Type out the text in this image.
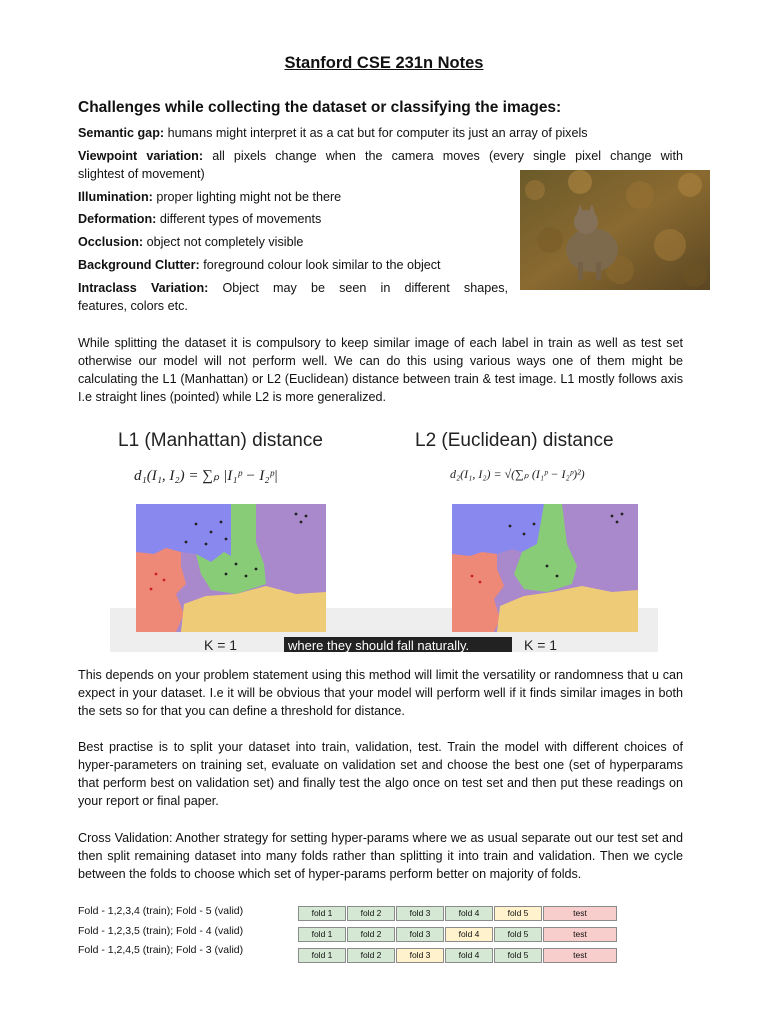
Stanford CSE 231n Notes
Challenges while collecting the dataset or classifying the images:
Semantic gap: humans might interpret it as a cat but for computer its just an array of pixels
Viewpoint variation: all pixels change when the camera moves (every single pixel change with
slightest of movement)
Illumination: proper lighting might not be there
Deformation: different types of movements
Occlusion: object not completely visible
Background Clutter: foreground colour look similar to the object
Intraclass Variation: Object may be seen in different shapes,
features, colors etc.
While splitting the dataset it is compulsory to keep similar image of each label in train as well as test set otherwise our model will not perform well. We can do this using various ways one of them might be calculating the L1 (Manhattan) or L2 (Euclidean) distance between train & test image. L1 mostly follows axis I.e straight lines (pointed) while L2 is more generalized.
L1 (Manhattan) distance	L2 (Euclidean) distance
d₁(I₁, I₂) = ∑ₚ |I₁ᵖ − I₂ᵖ|	d₂(I₁, I₂) = √(∑ₚ (I₁ᵖ − I₂ᵖ)²)
K = 1	where they should fall naturally.	K = 1
This depends on your problem statement using this method will limit the versatility or randomness that u can expect in your dataset. I.e it will be obvious that your model will perform well if it finds similar images in both the sets so for that you can define a threshold for distance.
Best practise is to split your dataset into train, validation, test. Train the model with different choices of hyper-parameters on training set, evaluate on validation set and choose the best one (set of hyperparams that perform best on validation set) and finally test the algo once on test set and then put these readings on your report or final paper.
Cross Validation: Another strategy for setting hyper-params where we as usual separate out our test set and then split remaining dataset into many folds rather than splitting it into train and validation. Then we cycle between the folds to choose which set of hyper-params perform better on majority of folds.
Fold - 1,2,3,4 (train); Fold - 5 (valid)
Fold - 1,2,3,5 (train); Fold - 4 (valid)
Fold - 1,2,4,5 (train); Fold - 3 (valid)
fold 1	fold 2	fold 3	fold 4	fold 5	test
fold 1	fold 2	fold 3	fold 4	fold 5	test
fold 1	fold 2	fold 3	fold 4	fold 5	test
